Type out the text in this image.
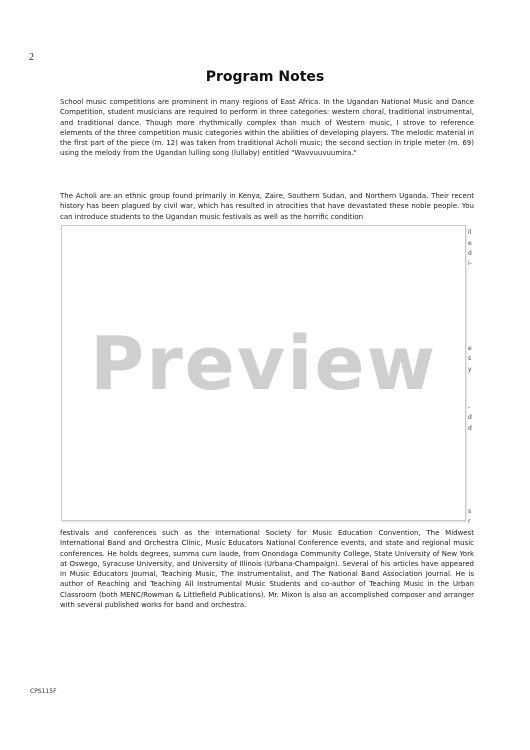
2
Program Notes

School music competitions are prominent in many regions of East Africa. In the Ugandan National Music and Dance Competition, student musicians are required to perform in three categories: western choral, traditional instrumental, and traditional dance. Though more rhythmically complex than much of Western music, I strove to reference elements of the three competition music categories within the abilities of developing players. The melodic material in the first part of the piece (m. 12) was taken from traditional Acholi music; the second section in triple meter (m. 69) using the melody from the Ugandan lulling song (lullaby) entitled "Wavvuuvuumira."

The Acholi are an ethnic group found primarily in Kenya, Zaire, Southern Sudan, and Northern Uganda. Their recent history has been plagued by civil war, which has resulted in atrocities that have devastated these noble people. You can introduce students to the Ugandan music festivals as well as the horrific condition

il
e
d
i-
e
s
y
-
d
d
s
r
Preview

festivals and conferences such as the International Society for Music Education Convention, The Midwest International Band and Orchestra Clinic, Music Educators National Conference events, and state and regional music conferences. He holds degrees, summa cum laude, from Onondaga Community College, State University of New York at Oswego, Syracuse University, and University of Illinois (Urbana-Champaign). Several of his articles have appeared in Music Educators Journal, Teaching Music, The Instrumentalist, and The National Band Association Journal. He is author of Reaching and Teaching All Instrumental Music Students and co-author of Teaching Music in the Urban Classroom (both MENC/Rowman & Littlefield Publications). Mr. Mixon is also an accomplished composer and arranger with several published works for band and orchestra.

CPS115F
